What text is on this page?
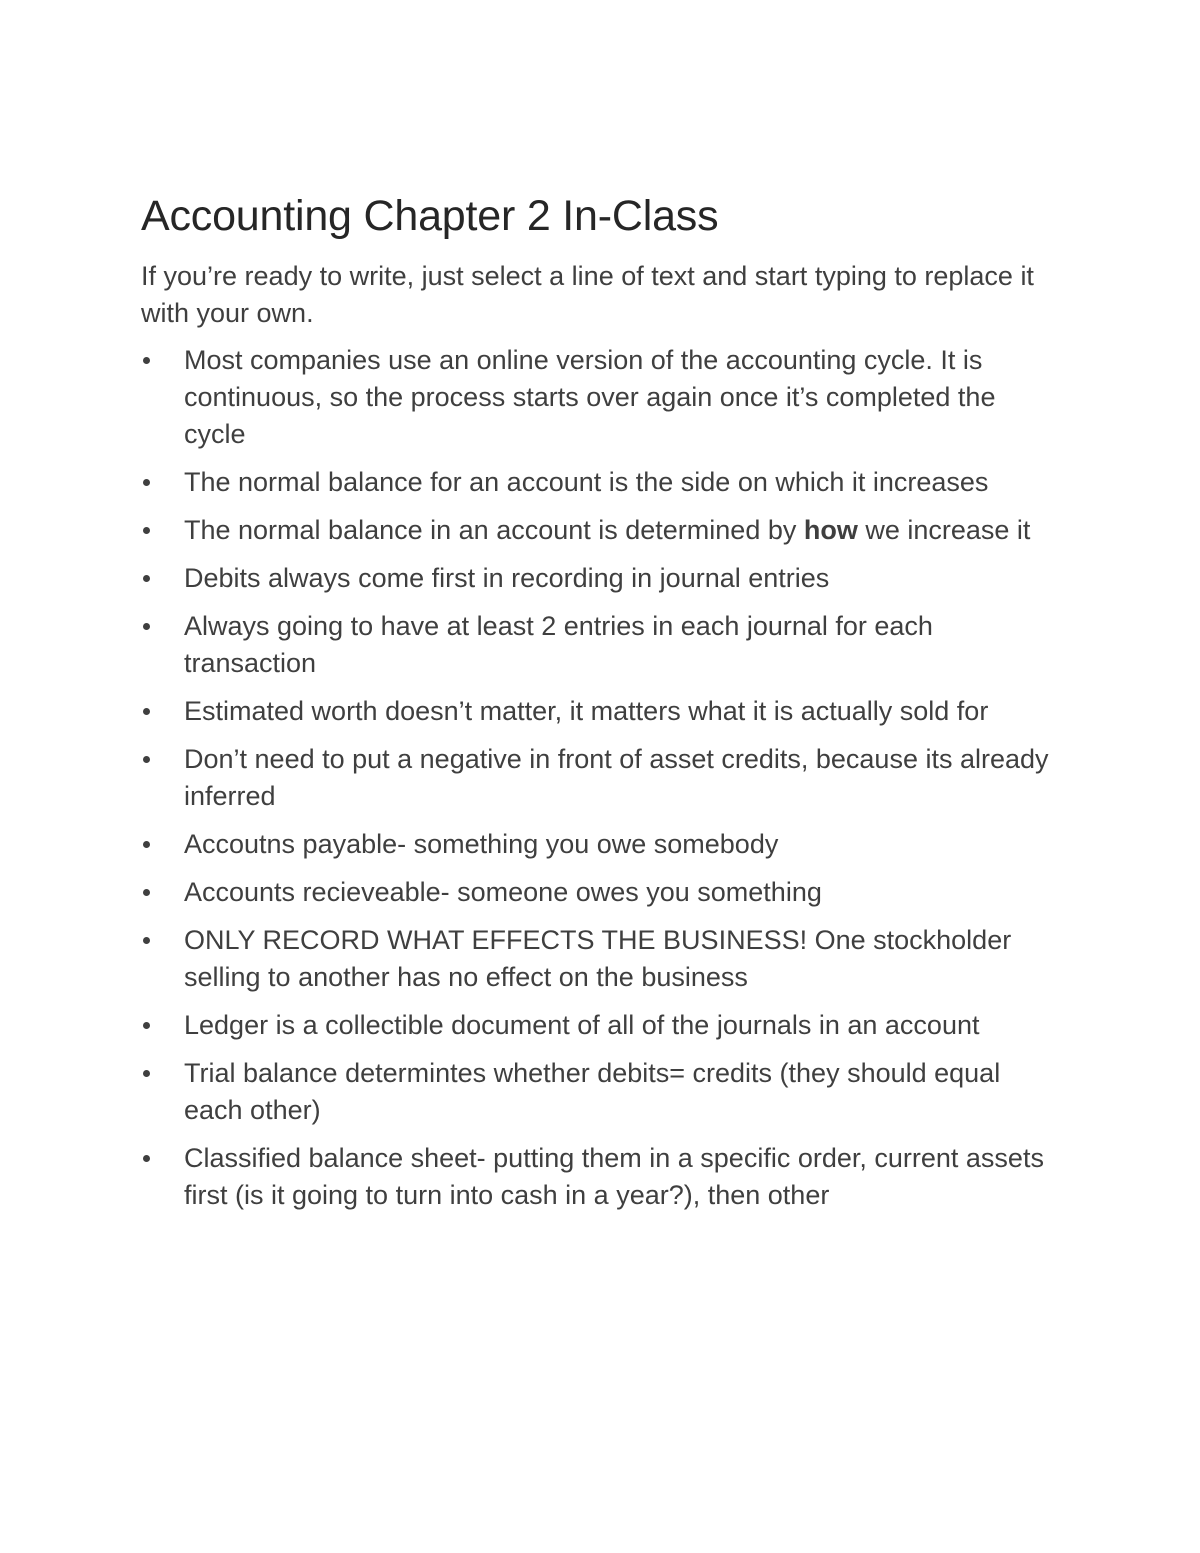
Accounting Chapter 2 In-Class

If you’re ready to write, just select a line of text and start typing to replace it with your own.

Most companies use an online version of the accounting cycle. It is continuous, so the process starts over again once it’s completed the cycle
The normal balance for an account is the side on which it increases
The normal balance in an account is determined by how we increase it
Debits always come first in recording in journal entries
Always going to have at least 2 entries in each journal for each transaction
Estimated worth doesn’t matter, it matters what it is actually sold for
Don’t need to put a negative in front of asset credits, because its already inferred
Accoutns payable- something you owe somebody
Accounts recieveable- someone owes you something
ONLY RECORD WHAT EFFECTS THE BUSINESS! One stockholder selling to another has no effect on the business
Ledger is a collectible document of all of the journals in an account
Trial balance determintes whether debits= credits (they should equal each other)
Classified balance sheet- putting them in a specific order, current assets first (is it going to turn into cash in a year?), then other
